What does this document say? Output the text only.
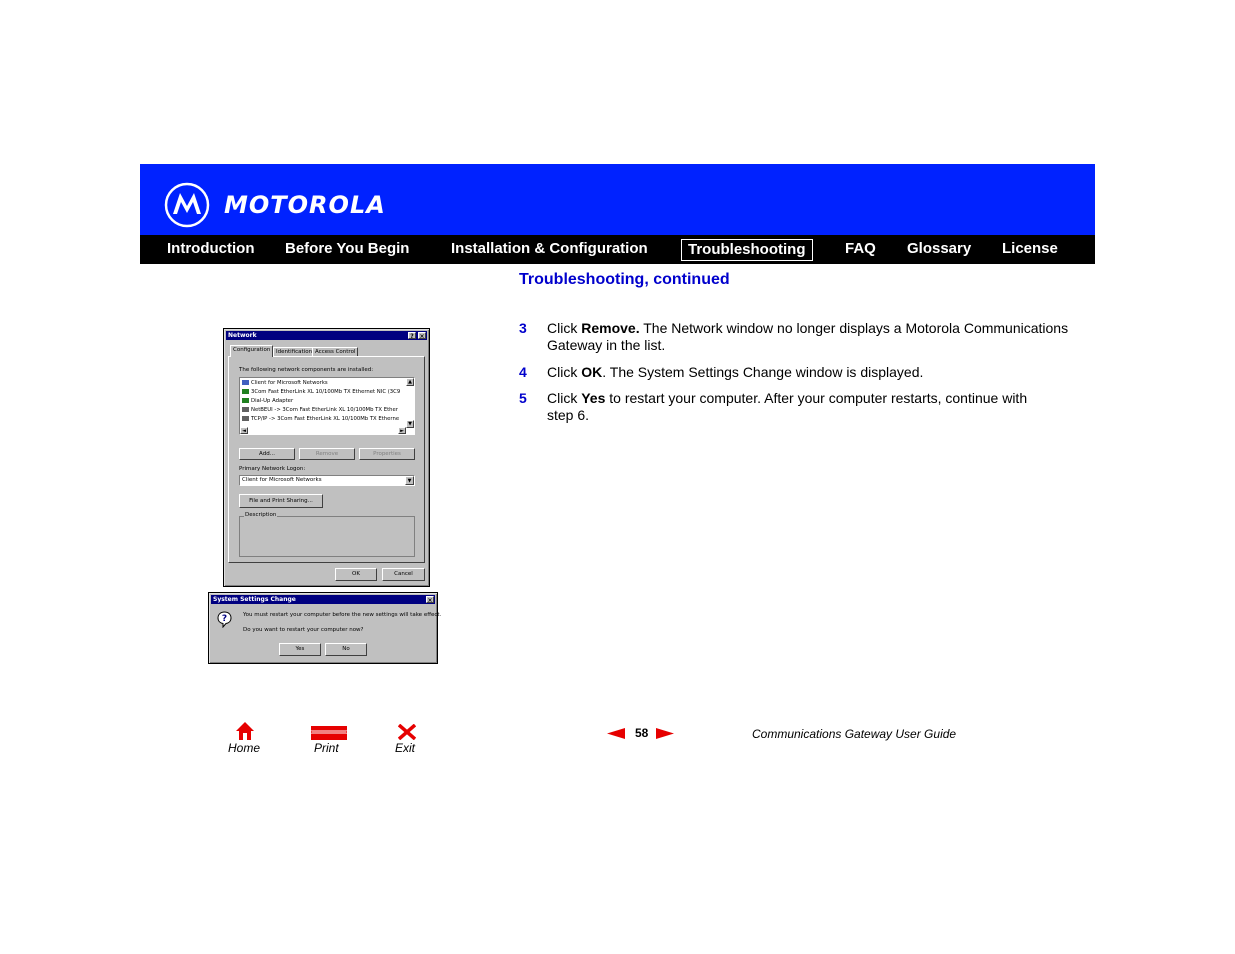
MOTOROLA
Introduction Before You Begin	Installation & Configuration	Troubleshooting	FAQ Glossary License
Troubleshooting, continued
3 Click Remove. The Network window no longer displays a Motorola Communications Gateway in the list.
4 Click OK. The System Settings Change window is displayed.
5 Click Yes to restart your computer. After your computer restarts, continue with step 6.
Network	? ×
Configuration	Identification Access Control
The following network components are installed:
Client for Microsoft Networks
3Com Fast EtherLink XL 10/100Mb TX Ethernet NIC (3C9
Dial-Up Adapter
NetBEUI -> 3Com Fast EtherLink XL 10/100Mb TX Ether
TCP/IP -> 3Com Fast EtherLink XL 10/100Mb TX Etherne
▲
▼
◄	►
Add...	Remove	Properties
Primary Network Logon:
Client for Microsoft Networks	▼
File and Print Sharing...
Description
OK	Cancel
System Settings Change	×
?	You must restart your computer before the new settings will take effect.
Do you want to restart your computer now?
Yes	No
Home	Print	Exit
58	Communications Gateway User Guide
